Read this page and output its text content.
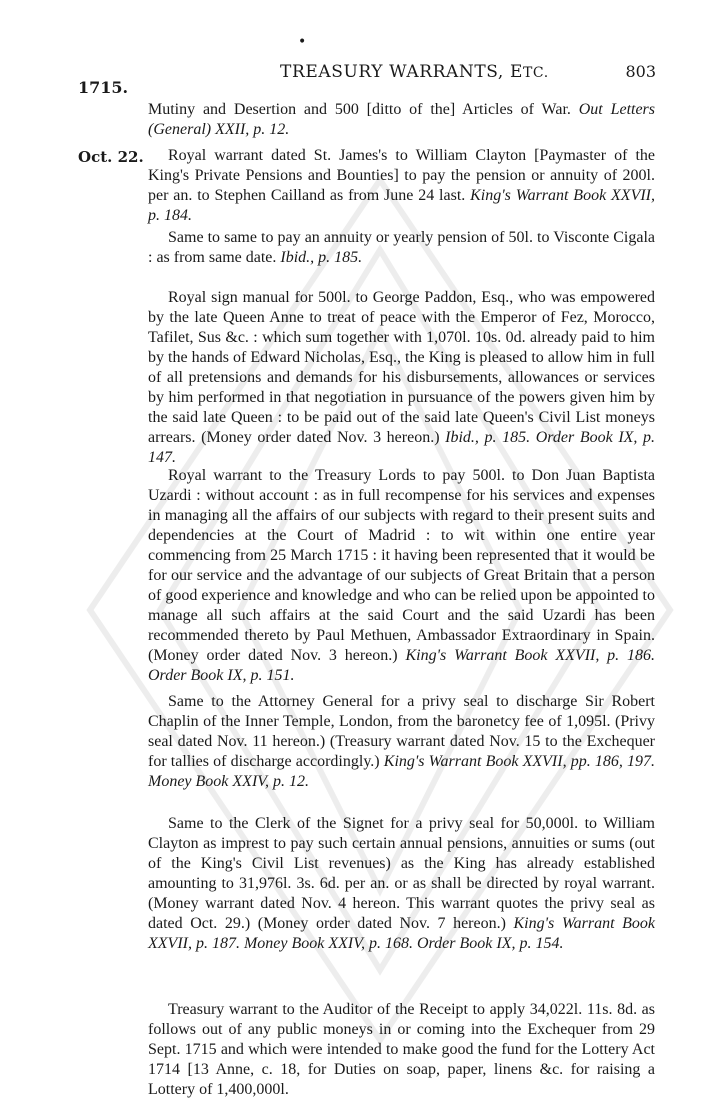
•
1715.
TREASURY WARRANTS, ETC.	803
Oct. 22.

Mutiny and Desertion and 500 [ditto of the] Articles of War. Out Letters (General) XXII, p. 12.

Royal warrant dated St. James's to William Clayton [Paymaster of the King's Private Pensions and Bounties] to pay the pension or annuity of 200l. per an. to Stephen Cailland as from June 24 last. King's Warrant Book XXVII, p. 184.

Same to same to pay an annuity or yearly pension of 50l. to Visconte Cigala : as from same date. Ibid., p. 185.

Royal sign manual for 500l. to George Paddon, Esq., who was empowered by the late Queen Anne to treat of peace with the Emperor of Fez, Morocco, Tafilet, Sus &c. : which sum together with 1,070l. 10s. 0d. already paid to him by the hands of Edward Nicholas, Esq., the King is pleased to allow him in full of all pretensions and demands for his disbursements, allowances or services by him performed in that negotiation in pursuance of the powers given him by the said late Queen : to be paid out of the said late Queen's Civil List moneys arrears. (Money order dated Nov. 3 hereon.) Ibid., p. 185. Order Book IX, p. 147.

Royal warrant to the Treasury Lords to pay 500l. to Don Juan Baptista Uzardi : without account : as in full recompense for his services and expenses in managing all the affairs of our subjects with regard to their present suits and dependencies at the Court of Madrid : to wit within one entire year commencing from 25 March 1715 : it having been represented that it would be for our service and the advantage of our subjects of Great Britain that a person of good experience and knowledge and who can be relied upon be appointed to manage all such affairs at the said Court and the said Uzardi has been recommended thereto by Paul Methuen, Ambassador Extraordinary in Spain. (Money order dated Nov. 3 hereon.) King's Warrant Book XXVII, p. 186. Order Book IX, p. 151.

Same to the Attorney General for a privy seal to discharge Sir Robert Chaplin of the Inner Temple, London, from the baronetcy fee of 1,095l. (Privy seal dated Nov. 11 hereon.) (Treasury warrant dated Nov. 15 to the Exchequer for tallies of discharge accordingly.) King's Warrant Book XXVII, pp. 186, 197. Money Book XXIV, p. 12.

Same to the Clerk of the Signet for a privy seal for 50,000l. to William Clayton as imprest to pay such certain annual pensions, annuities or sums (out of the King's Civil List revenues) as the King has already established amounting to 31,976l. 3s. 6d. per an. or as shall be directed by royal warrant. (Money warrant dated Nov. 4 hereon. This warrant quotes the privy seal as dated Oct. 29.) (Money order dated Nov. 7 hereon.) King's Warrant Book XXVII, p. 187. Money Book XXIV, p. 168. Order Book IX, p. 154.

Treasury warrant to the Auditor of the Receipt to apply 34,022l. 11s. 8d. as follows out of any public moneys in or coming into the Exchequer from 29 Sept. 1715 and which were intended to make good the fund for the Lottery Act 1714 [13 Anne, c. 18, for Duties on soap, paper, linens &c. for raising a Lottery of 1,400,000l.
